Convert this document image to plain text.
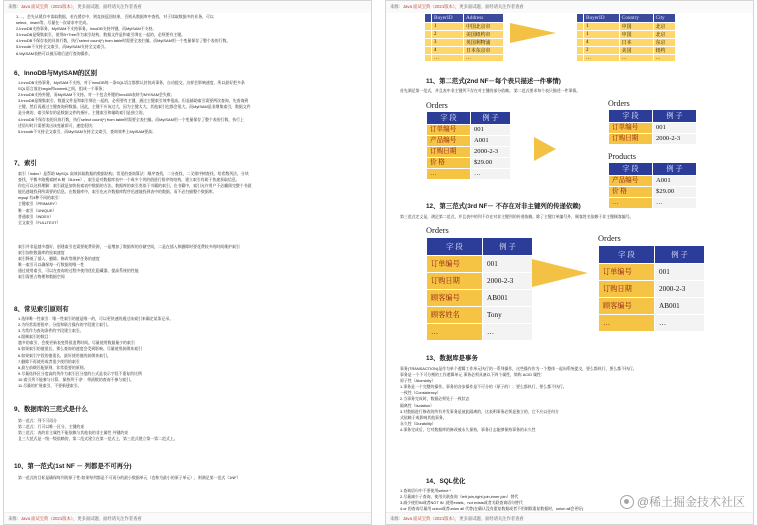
来源：Java 面试宝典（2021版本），更多面试题、面经请关注作者查看
1.…，会先从缓存中读取数据，若在缓存中，则直接返回结果，否则从数据库中查找，对于读取数据多的业务，可以
select、insert等，尽量在一次请求中完成。
2.InnoDB支持事务，MyISAM不支持事务。InnoDB支持外键，而MyISAM不支持。
3.InnoDB是聚集索引，使用B+Tree作为索引结构，数据文件是和索引绑在一起的，必须要有主键。
4.InnoDB不保存表的具体行数，执行select count(*) from table时需要全表扫描。而MyISAM用一个变量保存了整个表的行数。
5.Innodb不支持全文索引，而MyISAM支持全文索引。
6.MyISAM表格可以被压缩后进行查询操作。
6、InnoDB与MyISAM的区别
1.InnoDB支持事务，MyISAM不支持，对于InnoDB每一条SQL语言都默认封装成事务，自动提交，这样会影响速度，所以最好把多条
SQL语言放在begin和commit之间，组成一个事务；
2.InnoDB支持外键，而MyISAM不支持。对一个包含外键的InnoDB表转为MYISAM会失败；
3.InnoDB是聚集索引，数据文件是和索引绑在一起的，必须要有主键，通过主键索引效率很高。但是辅助索引需要两次查询，先查询到
主键，然后再通过主键查询到数据。因此，主键不应该过大，因为主键太大，其他索引也都会很大。而MyISAM是非聚集索引，数据文件
是分离的，索引保存的是数据文件的指针。主键索引和辅助索引是独立的。
4.InnoDB不保存表的具体行数，执行select count(*) from table时需要全表扫描。而MyISAM用一个变量保存了整个表的行数，执行上
述语句时只需要读出该变量即可，速度很快；
5.Innodb不支持全文索引，而MyISAM支持全文索引，查询效率上MyISAM要高；
7、索引
索引（Index）是帮助 MySQL 高效获取数据的数据结构。常见的查询算法：顺序查找，二分查找，二叉排序树查找，哈希散列法，分块
查找，平衡多路搜索树 B 树（B-tree），索引是对数据库表中一个或多个列的值进行排序的结构，建立索引有助于快速获取信息。
你也可以这样理解：索引就是加快检索表中数据的方法。数据库的索引类似于书籍的索引。在书籍中，索引允许用户不必翻阅完整个书就
能迅速地找到所需要的信息。在数据库中，索引也允许数据库程序迅速地找到表中的数据，而不必扫描整个数据库。
mysql 有4种不同的索引：
主键索引（PRIMARY）
唯一索引（UNIQUE）
普通索引（INDEX）
全文索引（FULLTEXT）
索引并非是越多越好，创建索引也需要耗费资源，一是增加了数据库的存储空间，二是在插入和删除时要花费较多的时间维护索引
索引加快数据库的检索速度
索引降低了插入、删除、修改等维护任务的速度
唯一索引可以确保每一行数据的唯一性
通过使用索引，可以在查询的过程中使用优化隐藏器，提高系统的性能
索引需要占物理和数据空间
8、常见索引原则有
1.选择唯一性索引：唯一性索引的值是唯一的，可以更快速的通过该索引来确定某条记录。
2.为经常需要排序、分组和联合操作的字段建立索引。
3.为常作为查询条件的字段建立索引。
4.限制索引的数目：
越多的索引，会使更新表变得很浪费时间。尽量使用数据量少的索引
5.如果索引的值很长，那么查询的速度会受到影响。尽量使用前缀来索引
6.如果索引字段的值很长，最好使用值的前缀来索引。
7.删除不再使用或者很少使用的索引
8.最左前缀匹配原则，非常重要的原则。
9.尽量选择区分度高的列作为索引区分度的公式是表示字段不重复的比例
10.索引列不能参与计算，保持列'干净'：带函数的查询不参与索引。
11.尽量的扩展索引，不要新建索引。
9、数据库的三范式是什么
第一范式：列不可再分
第二范式：行可以唯一区分，主键约束
第三范式：表的非主属性不能依赖与其他表的非主属性 外键约束
且三大范式是一级一级依赖的，第二范式建立在第一范式上，第三范式建立第一第二范式上。
10、第一范式(1st NF － 列都是不可再分)
第一范式的目标是确保每列的原子性:如果每列都是不可再分的最小数据单元（也称为最小的原子单元），则满足第一范式（1NF）
来源：Java 面试宝典（2021版本），更多面试题、面经请关注作者查看
来源：Java 面试宝典（2021版本），更多面试题、面经请关注作者查看
	BuyerID	Address
	1	中国北京市
	2	美国纽约市
	3	英国利物浦
	4	日本东京市
	…	…
	BuyerID	Country	City
	1	中国	北京
	1	中国	北京
	4	日本	东京
	2	美国	纽约
	…	…	…
11、第二范式(2nd NF－每个表只描述一件事情)
首先满足第一范式，并且表中非主键列不存在对主键的部分依赖。 第二范式要求每个表只描述一件事情。
Orders
字 段	例 子
订单编号	001
产品编号	A001
订购日期	2000-2-3
价 格	$29.00
…	…
Orders
字 段	例 子
订单编号	001
订购日期	2000-2-3
Products
字 段	例 子
产品编号	A001
价 格	$29.00
…	…
12、第三范式(3rd NF－ 不存在对非主键列的传递依赖)
第三范式定义是，满足第二范式，并且表中的列不存在对非主键列的传递依赖。除了主键订单编号外，顾客姓名依赖于非主键顾客编号。
Orders
字 段	例 子
订单编号	001
订购日期	2000-2-3
顾客编号	AB001
顾客姓名	Tony
…	…
Orders
字 段	例 子
订单编号	001
订购日期	2000-2-3
顾客编号	AB001
…	…
13、数据库是事务
事务(TRANSACTION)是作为单个逻辑工作单元执行的一系列操作，这些操作作为一个整体一起向系统提交，要么都执行、要么都不执行。
事务是一个不可分割的工作逻辑单元 事务必须具备以下四个属性，简称 ACID 属性：
原子性（Atomicity）
1.事务是一个完整的操作。事务的各步操作是不可分的（原子的）；要么都执行，要么都不执行。
一致性（Consistency）
2.当事务完成时，数据必须处于一致状态
隔离性（Isolation）
3.对数据进行修改的所有并发事务是彼此隔离的，这表明事务必须是独立的，它不应以任何方
式依赖于或影响其他事务。
永久性（Durability）
4.事务完成后，它对数据库的修改被永久保持，事务日志能够保持事务的永久性
14、SQL优化
1.查询语句中不要使用select *
2.尽量减少子查询，使用关联查询（left join,right join,inner join）替代
3.减少使用IN或者NOT IN ,使用exists，not exists或者关联查询语句替代
4.or 的查询尽量用 union或者union all 代替(在确认没有重复数据或者不用剔除重复数据时，union all会更好)	@稀土掘金技术社区
来源：Java 面试宝典（2021版本），更多面试题、面经请关注作者查看
